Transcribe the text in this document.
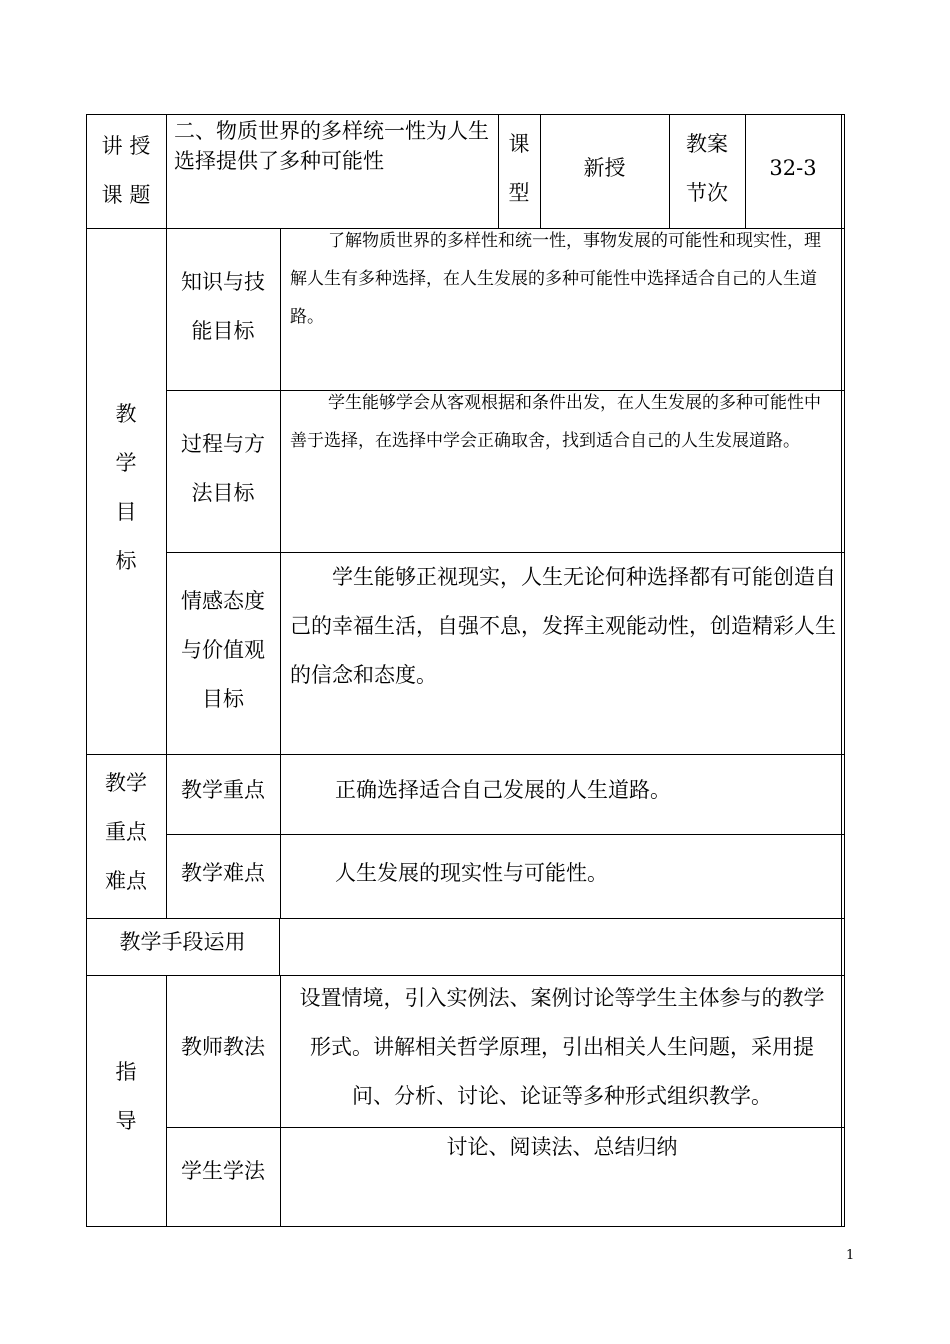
讲 授
课 题
二、物质世界的多样统一性为人生选择提供了多种可能性
课
型
新授
教案
节次
32-3
教
学
目
标
知识与技
能目标
了解物质世界的多样性和统一性，事物发展的可能性和现实性，理解人生有多种选择，在人生发展的多种可能性中选择适合自己的人生道路。
过程与方
法目标
学生能够学会从客观根据和条件出发，在人生发展的多种可能性中善于选择，在选择中学会正确取舍，找到适合自己的人生发展道路。
情感态度
与价值观
目标
学生能够正视现实，人生无论何种选择都有可能创造自己的幸福生活，自强不息，发挥主观能动性，创造精彩人生的信念和态度。
教学
重点
难点
教学重点	正确选择适合自己发展的人生道路。
教学难点	人生发展的现实性与可能性。
教学手段运用
指
导
教师教法
设置情境，引入实例法、案例讨论等学生主体参与的教学形式。讲解相关哲学原理，引出相关人生问题，采用提问、分析、讨论、论证等多种形式组织教学。
学生学法
讨论、阅读法、总结归纳
1
